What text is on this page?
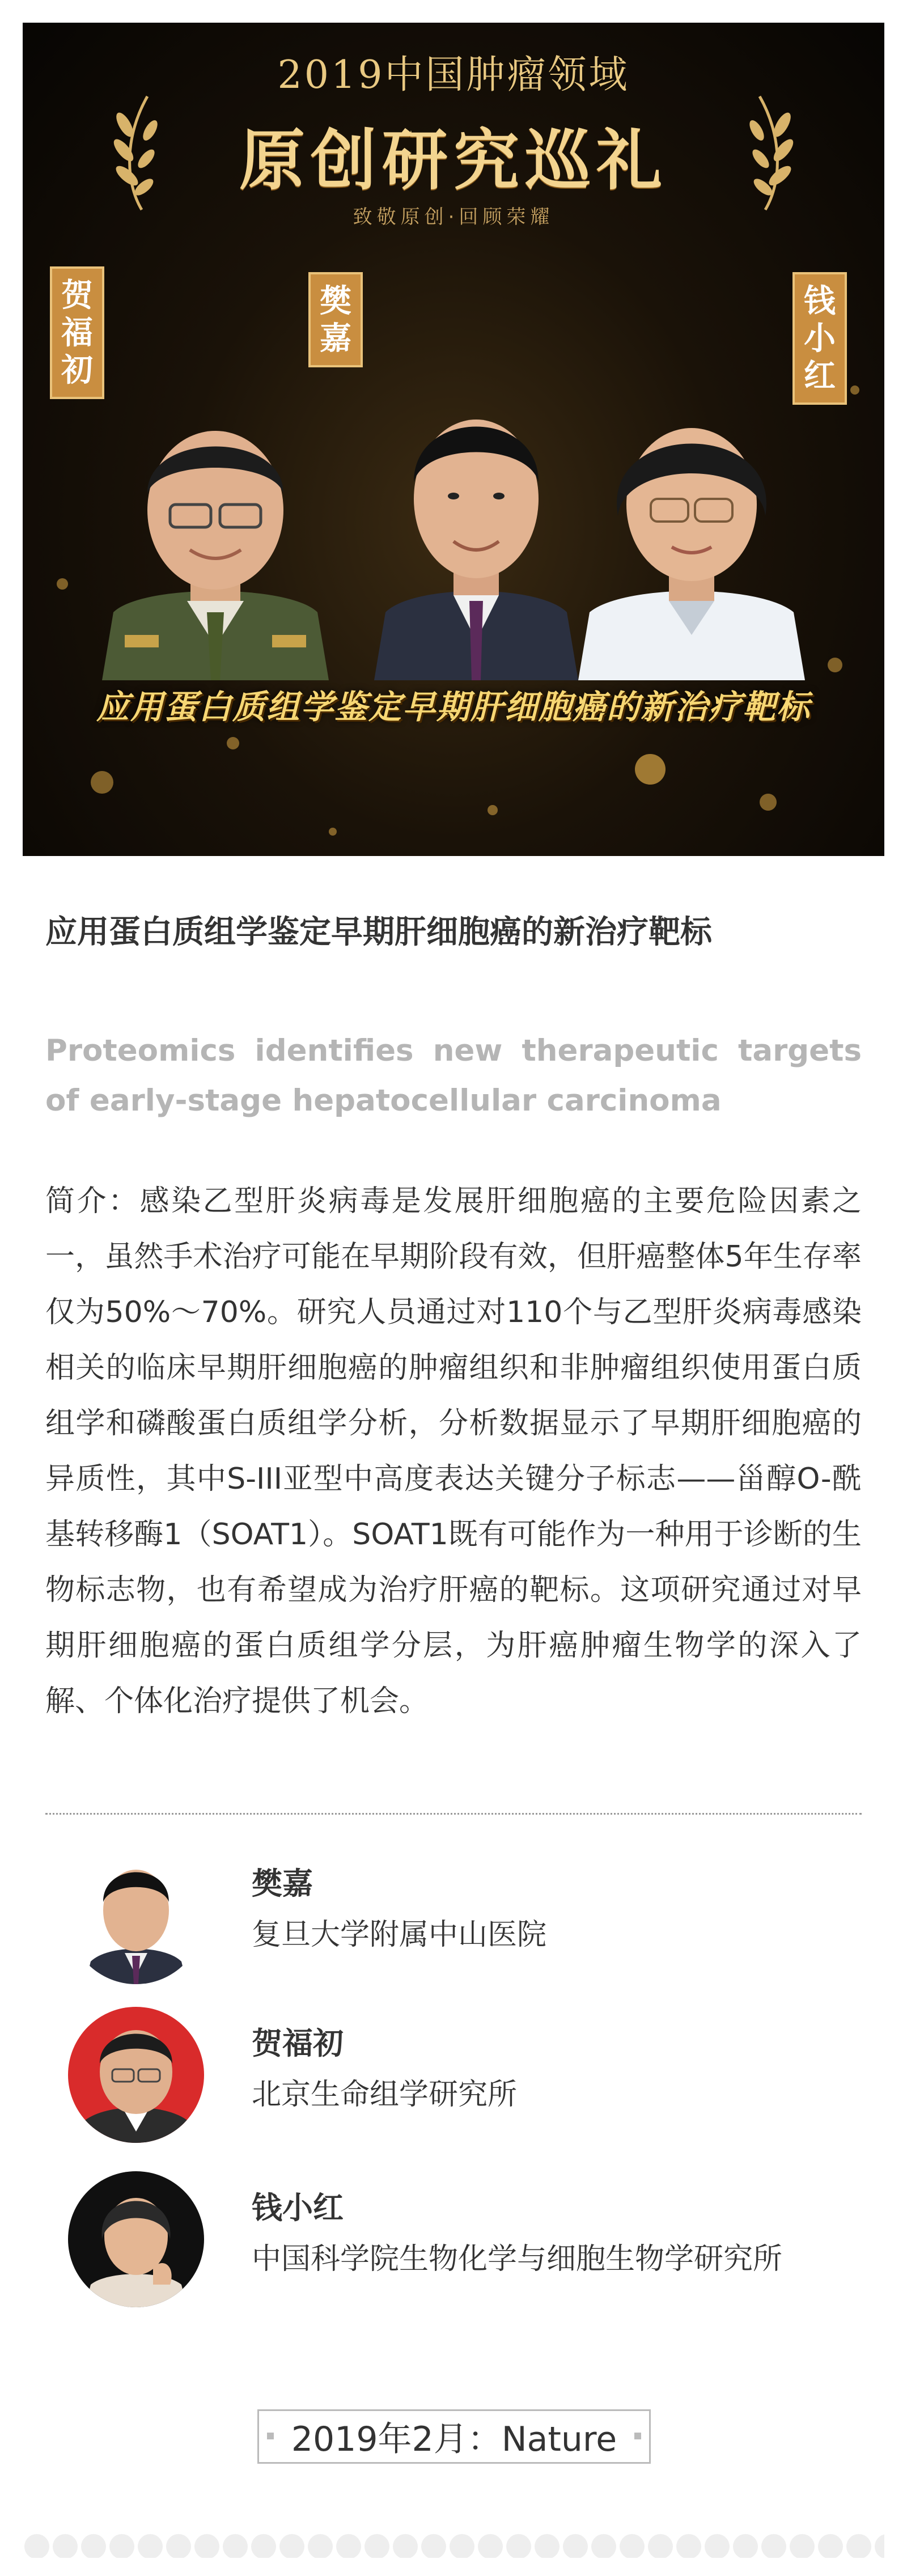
2019中国肿瘤领域
原创研究巡礼
致敬原创·回顾荣耀
贺
福
初
樊
嘉
钱
小
红
应用蛋白质组学鉴定早期肝细胞癌的新治疗靶标
应用蛋白质组学鉴定早期肝细胞癌的新治疗靶标
Proteomics identifies new therapeutic targets of early-stage hepatocellular carcinoma
简介：感染乙型肝炎病毒是发展肝细胞癌的主要危险因素之一，虽然手术治疗可能在早期阶段有效，但肝癌整体5年生存率仅为50%～70%。研究人员通过对110个与乙型肝炎病毒感染相关的临床早期肝细胞癌的肿瘤组织和非肿瘤组织使用蛋白质组学和磷酸蛋白质组学分析，分析数据显示了早期肝细胞癌的异质性，其中S-III亚型中高度表达关键分子标志——甾醇O-酰基转移酶1（SOAT1）。SOAT1既有可能作为一种用于诊断的生物标志物，也有希望成为治疗肝癌的靶标。这项研究通过对早期肝细胞癌的蛋白质组学分层，为肝癌肿瘤生物学的深入了解、个体化治疗提供了机会。
樊嘉
复旦大学附属中山医院
贺福初
北京生命组学研究所
钱小红
中国科学院生物化学与细胞生物学研究所
2019年2月：Nature
